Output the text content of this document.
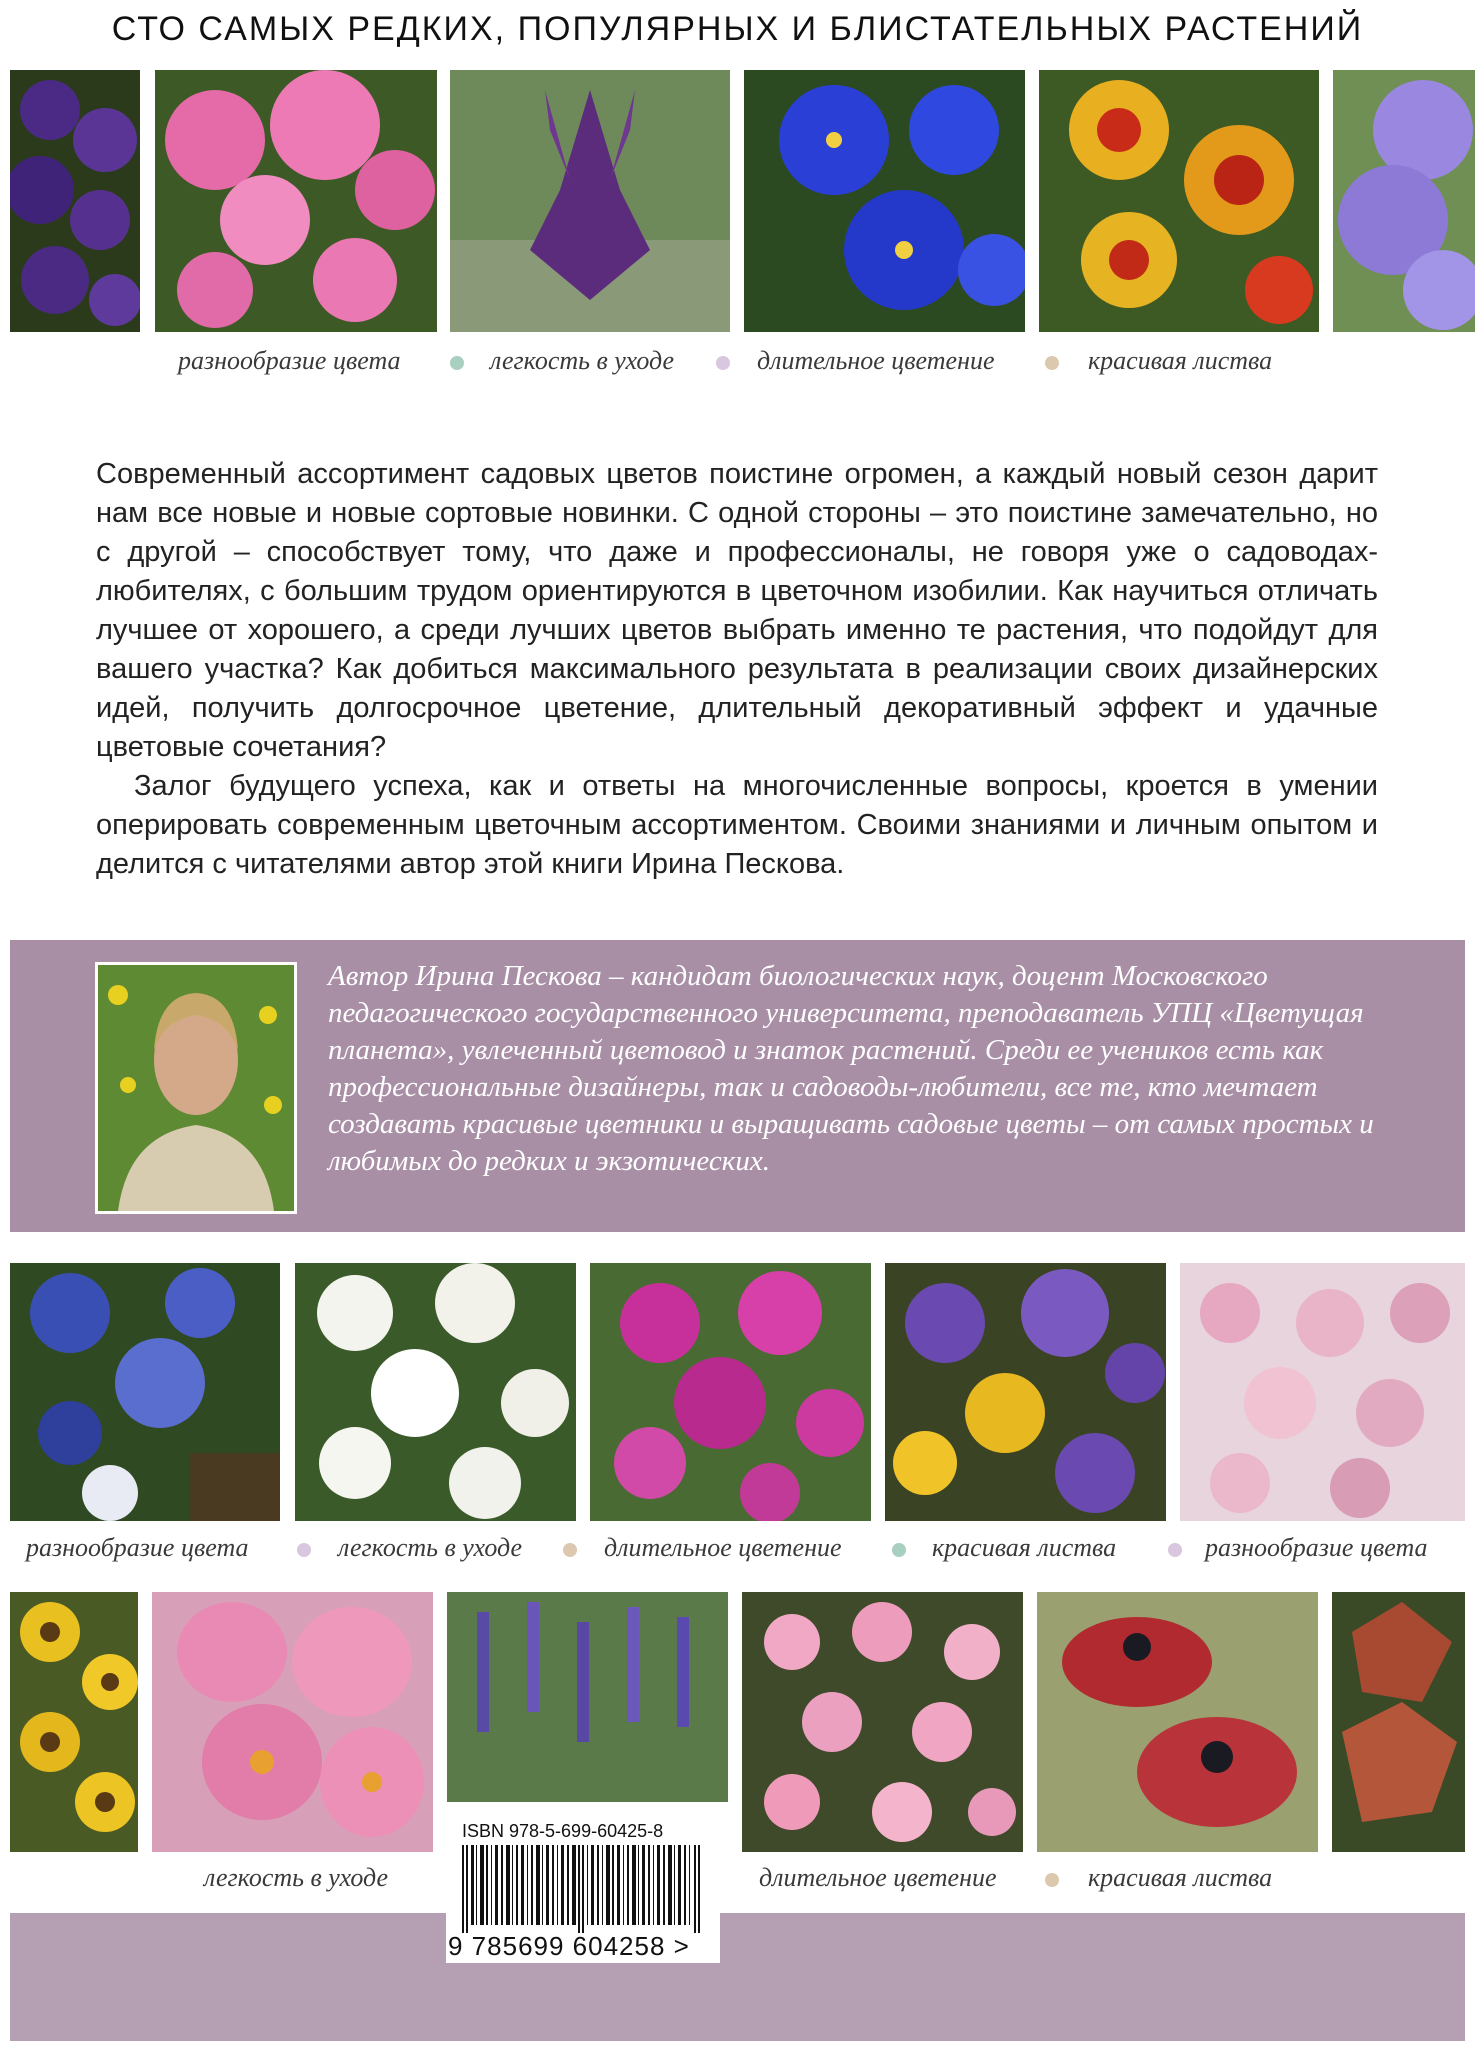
СТО САМЫХ РЕДКИХ, ПОПУЛЯРНЫХ И БЛИСТАТЕЛЬНЫХ РАСТЕНИЙ
разнообразие цвета	легкость в уходе	длительное цветение	красивая листва

Современный ассортимент садовых цветов поистине огромен, а каждый новый сезон дарит нам все новые и новые сортовые новинки. С одной стороны – это поистине замечательно, но с другой – способствует тому, что даже и профессионалы, не говоря уже о садоводах-любителях, с большим трудом ориентируются в цветочном изобилии. Как научиться отличать лучшее от хорошего, а среди лучших цветов выбрать именно те растения, что подойдут для вашего участка? Как добиться максимального результата в реализации своих дизайнерских идей, получить долгосрочное цветение, длительный декоративный эффект и удачные цветовые сочетания?

Залог будущего успеха, как и ответы на многочисленные вопросы, кроется в умении оперировать современным цветочным ассортиментом. Своими знаниями и личным опытом и делится с читателями автор этой книги Ирина Пескова.

Автор Ирина Пескова – кандидат биологических наук, доцент Московского педагогического государственного университета, преподаватель УПЦ «Цветущая планета», увлеченный цветовод и знаток растений. Среди ее учеников есть как профессиональные дизайнеры, так и садоводы-любители, все те, кто мечтает создавать красивые цветники и выращивать садовые цветы – от самых простых и любимых до редких и экзотических.
разнообразие цвета	легкость в уходе	длительное цветение	красивая листва	разнообразие цвета
легкость в уходе	длительное цветение	красивая листва
ISBN 978-5-699-60425-8
9 785699 604258 >
